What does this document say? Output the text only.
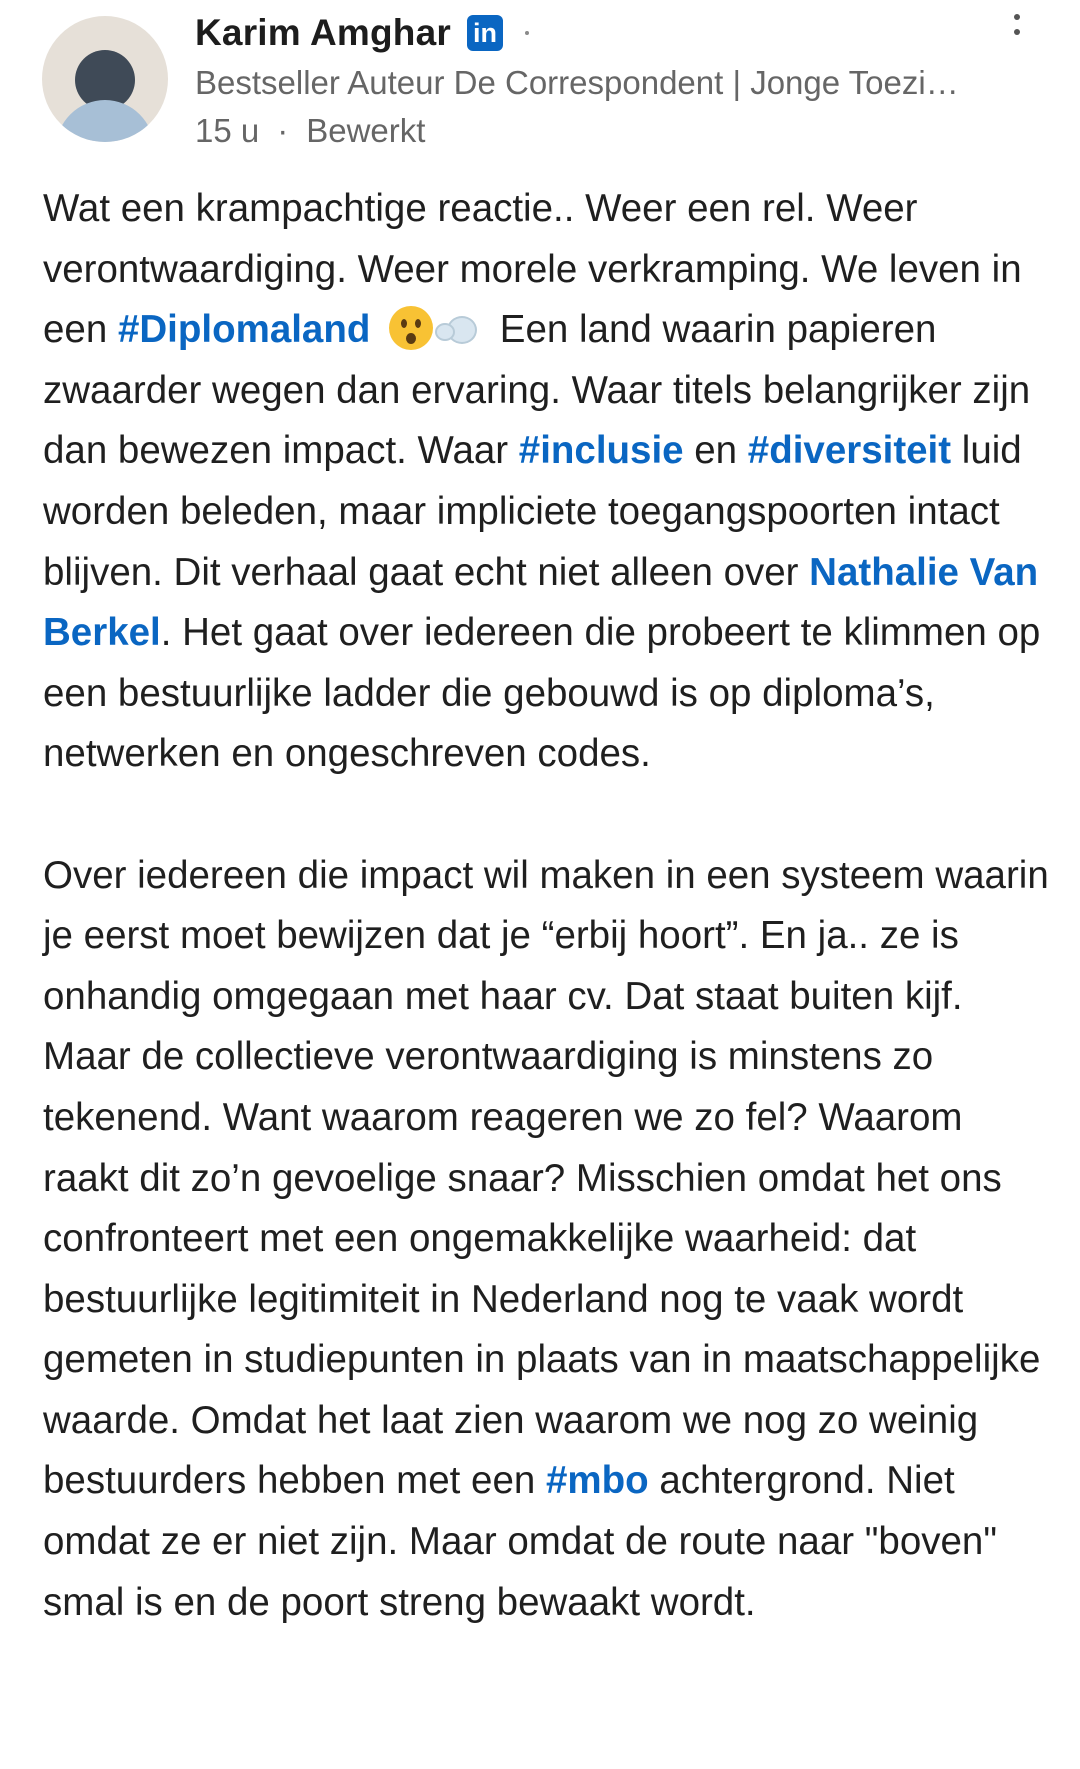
Karim Amghar in
Bestseller Auteur De Correspondent | Jonge Toezi…
15 u · Bewerkt

Wat een krampachtige reactie.. Weer een rel. Weer verontwaardiging. Weer morele verkramping. We leven in een #Diplomaland	Een land waarin papieren zwaarder wegen dan ervaring. Waar titels belangrijker zijn dan bewezen impact. Waar #inclusie en #diversiteit luid worden beleden, maar impliciete toegangspoorten intact blijven. Dit verhaal gaat echt niet alleen over Nathalie Van Berkel. Het gaat over iedereen die probeert te klimmen op een bestuurlijke ladder die gebouwd is op diploma’s, netwerken en ongeschreven codes.

Over iedereen die impact wil maken in een systeem waarin je eerst moet bewijzen dat je “erbij hoort”. En ja.. ze is onhandig omgegaan met haar cv. Dat staat buiten kijf. Maar de collectieve verontwaardiging is minstens zo tekenend. Want waarom reageren we zo fel? Waarom raakt dit zo’n gevoelige snaar? Misschien omdat het ons confronteert met een ongemakkelijke waarheid: dat bestuurlijke legitimiteit in Nederland nog te vaak wordt gemeten in studiepunten in plaats van in maatschappelijke waarde. Omdat het laat zien waarom we nog zo weinig bestuurders hebben met een #mbo achtergrond. Niet omdat ze er niet zijn. Maar omdat de route naar "boven" smal is en de poort streng bewaakt wordt.
